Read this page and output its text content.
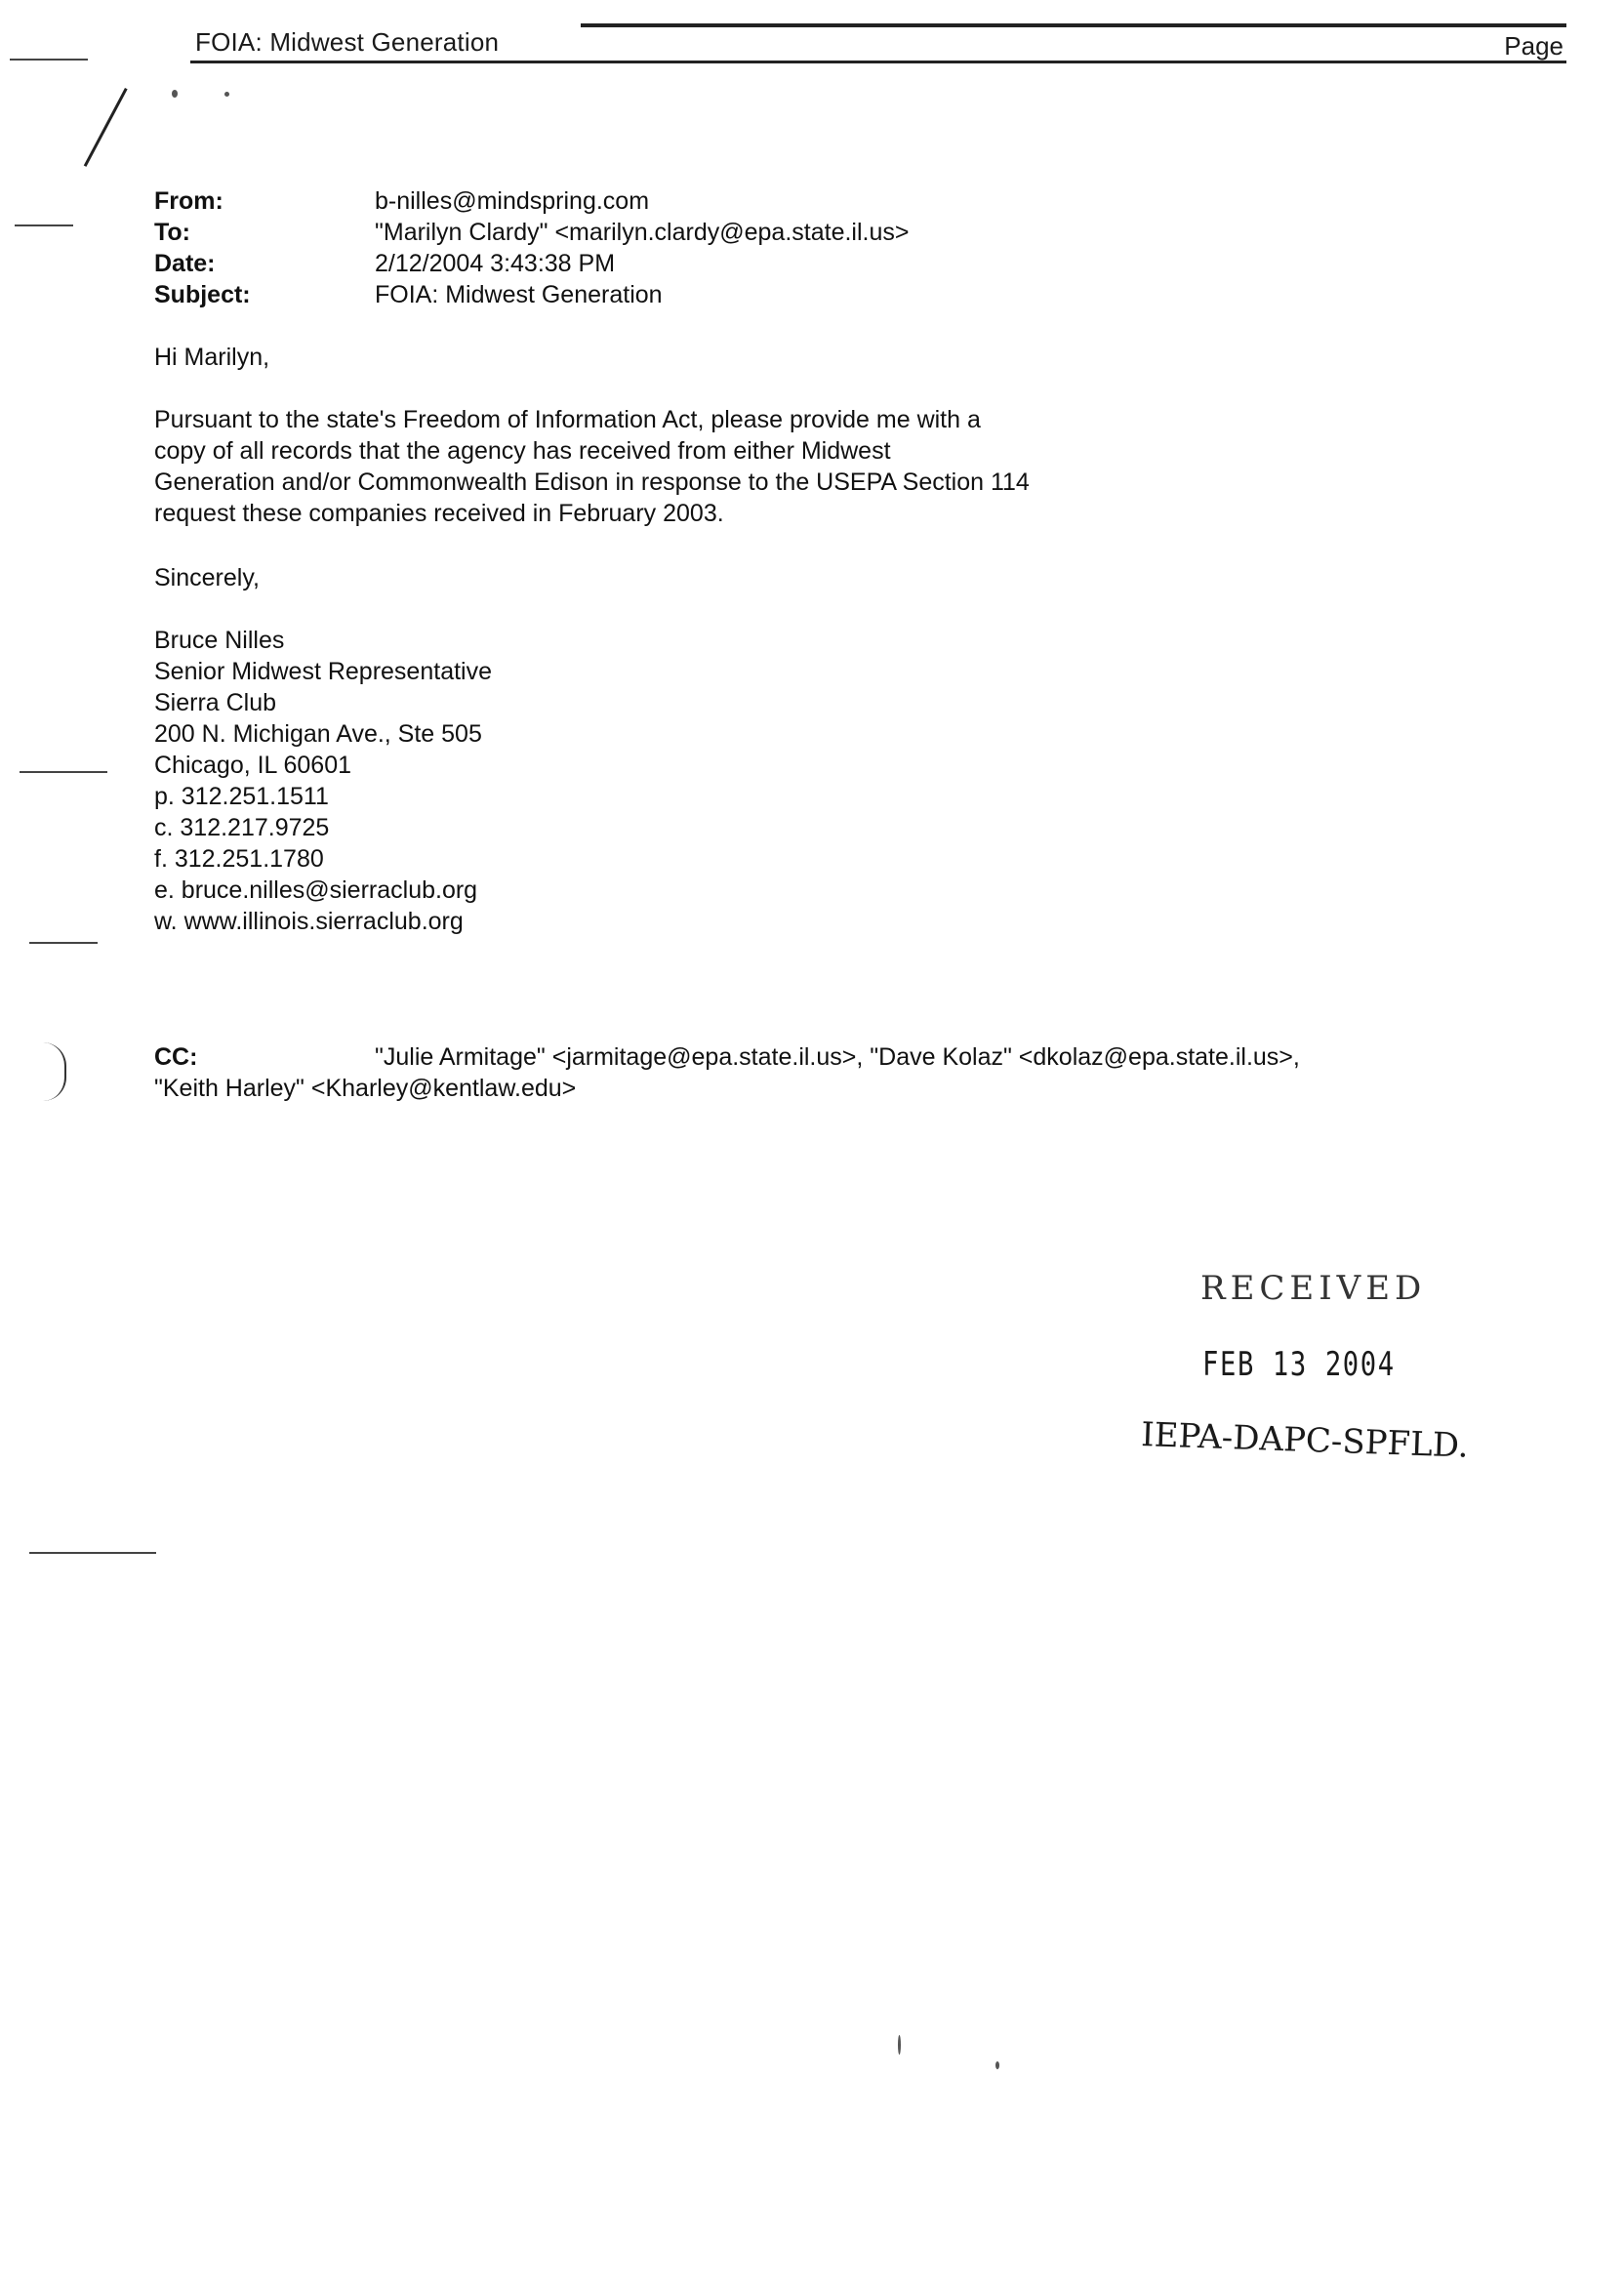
FOIA: Midwest Generation	Page
From:	b-nilles@mindspring.com
To:	"Marilyn Clardy" <marilyn.clardy@epa.state.il.us>
Date:	2/12/2004 3:43:38 PM
Subject:	FOIA: Midwest Generation
Hi Marilyn,
Pursuant to the state's Freedom of Information Act, please provide me with a
copy of all records that the agency has received from either Midwest
Generation and/or Commonwealth Edison in response to the USEPA Section 114
request these companies received in February 2003.
Sincerely,
Bruce Nilles
Senior Midwest Representative
Sierra Club
200 N. Michigan Ave., Ste 505
Chicago, IL 60601
p. 312.251.1511
c. 312.217.9725
f. 312.251.1780
e. bruce.nilles@sierraclub.org
w. www.illinois.sierraclub.org
CC:	"Julie Armitage" <jarmitage@epa.state.il.us>, "Dave Kolaz" <dkolaz@epa.state.il.us>,
"Keith Harley" <Kharley@kentlaw.edu>
RECEIVED
FEB 13 2004
IEPA-DAPC-SPFLD.
